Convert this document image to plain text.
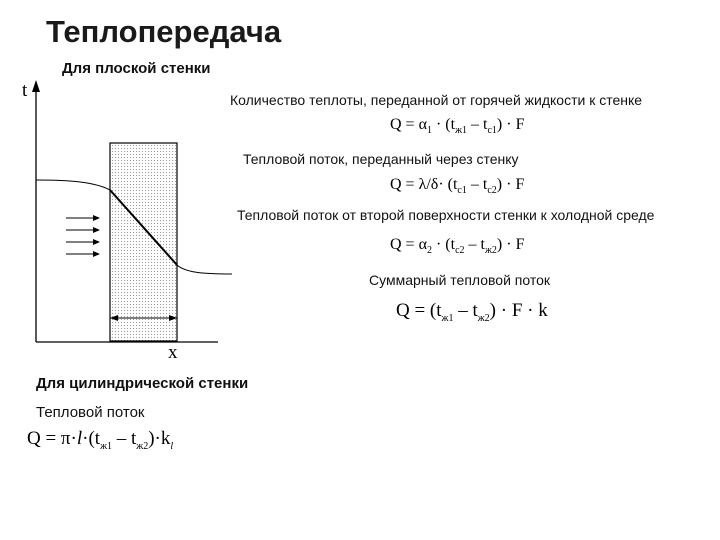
Теплопередача
Для плоской стенки
t
x
Количество теплоты, переданной от горячей жидкости к стенке
$Q = \alpha_1 \cdot (t_{ж1} - t_{с1}) \cdot F$
Тепловой поток, переданный через стенку
$Q = \lambda/\delta\cdot (t_{с1} - t_{с2}) \cdot F$
Тепловой поток от второй поверхности стенки к холодной среде
$Q = \alpha_2 \cdot (t_{с2} - t_{ж2}) \cdot F$
Суммарный тепловой поток
$Q = (t_{ж1} - t_{ж2}) \cdot F \cdot k$
Для цилиндрической стенки
Тепловой поток
$Q = \pi\cdot l\cdot(t_{ж1} - t_{ж2})\cdot k_l$
